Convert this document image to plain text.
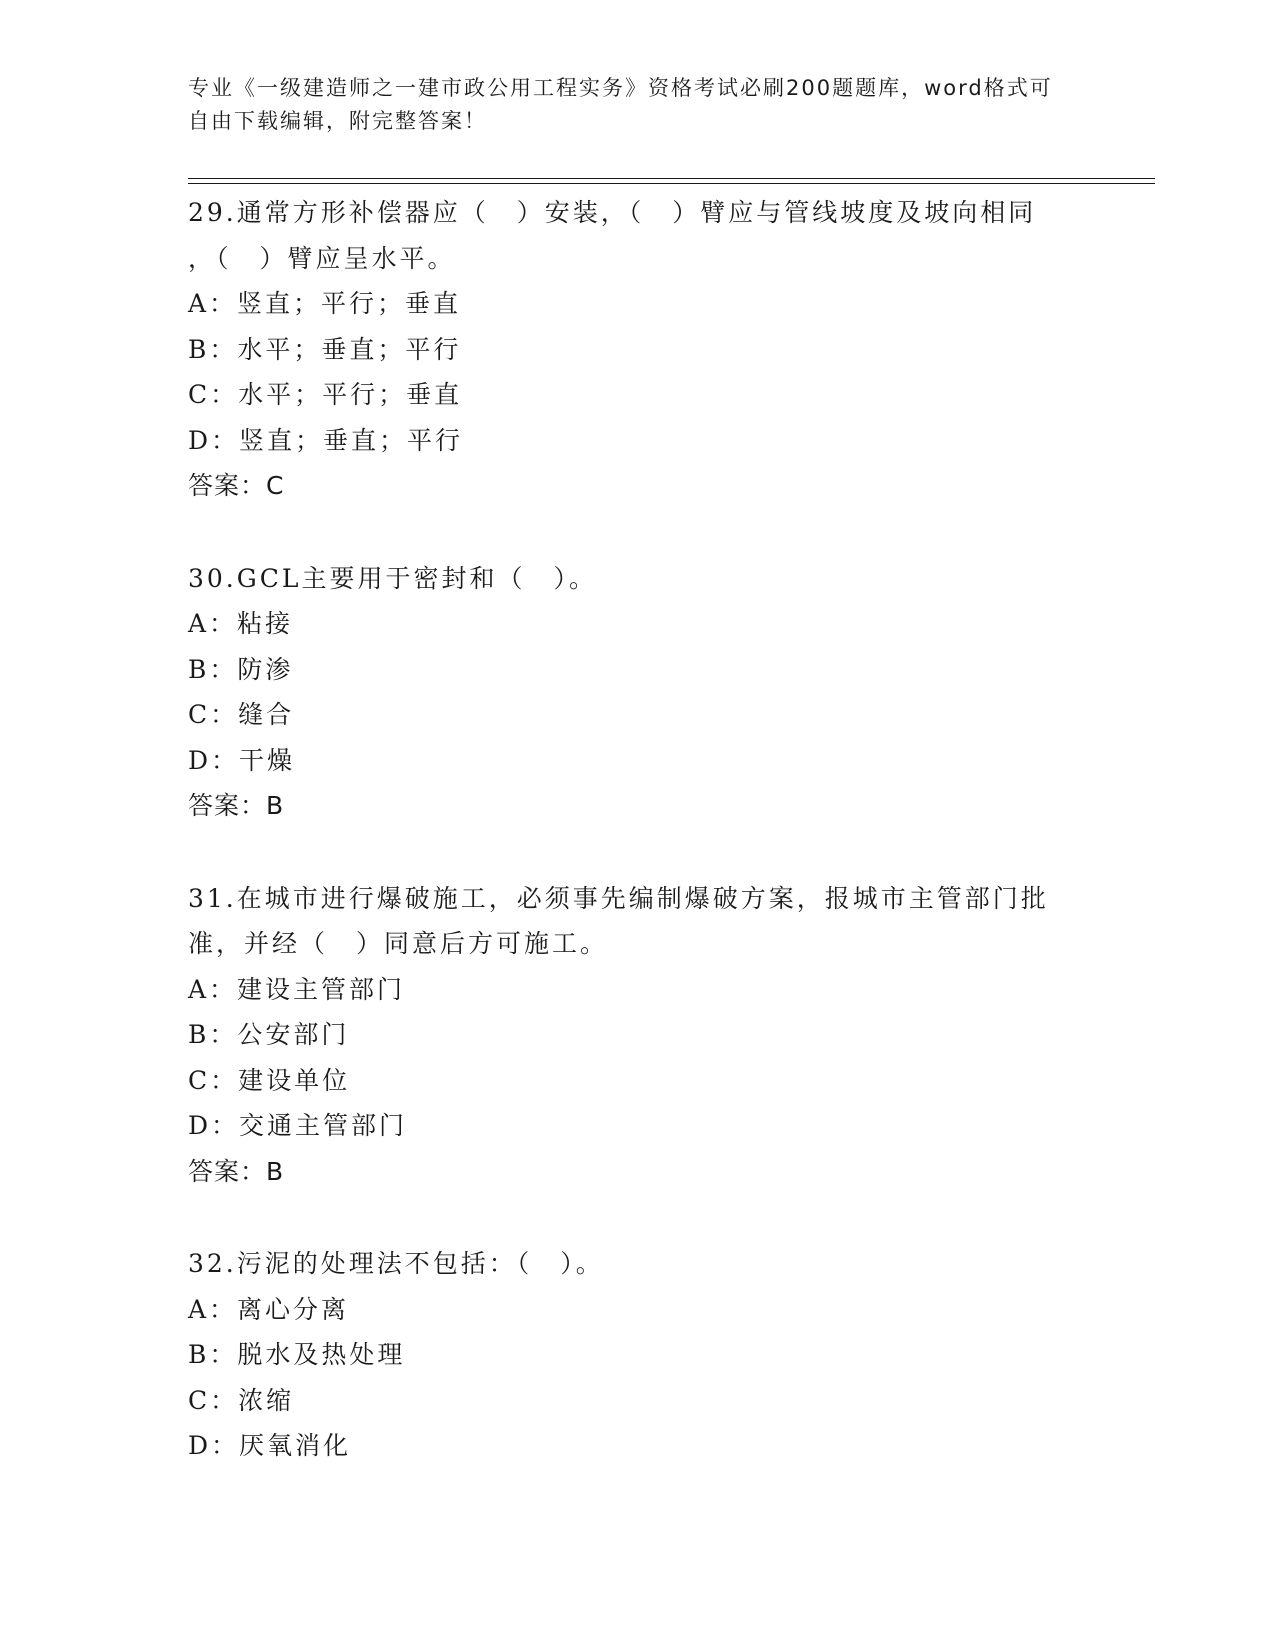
专业《一级建造师之一建市政公用工程实务》资格考试必刷200题题库，word格式可自由下载编辑，附完整答案！
29.通常方形补偿器应（　）安装，（　）臂应与管线坡度及坡向相同
，（　）臂应呈水平。
A：竖直；平行；垂直
B：水平；垂直；平行
C：水平；平行；垂直
D：竖直；垂直；平行
答案：C
30.GCL主要用于密封和（　）。
A：粘接
B：防渗
C：缝合
D：干燥
答案：B
31.在城市进行爆破施工，必须事先编制爆破方案，报城市主管部门批
准，并经（　）同意后方可施工。
A：建设主管部门
B：公安部门
C：建设单位
D：交通主管部门
答案：B
32.污泥的处理法不包括：（　）。
A：离心分离
B：脱水及热处理
C：浓缩
D：厌氧消化
